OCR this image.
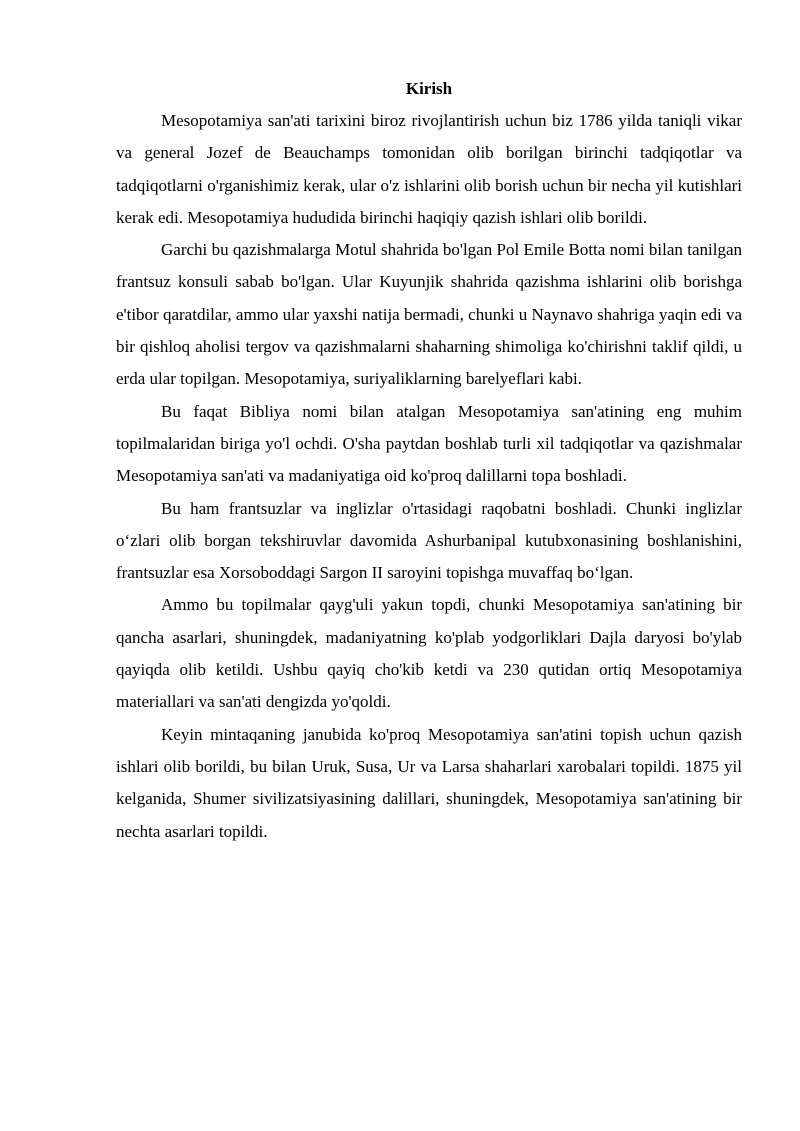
Kirish

Mesopotamiya san'ati tarixini biroz rivojlantirish uchun biz 1786 yilda taniqli vikar va general Jozef de Beauchamps tomonidan olib borilgan birinchi tadqiqotlar va tadqiqotlarni o'rganishimiz kerak, ular o'z ishlarini olib borish uchun bir necha yil kutishlari kerak edi. Mesopotamiya hududida birinchi haqiqiy qazish ishlari olib borildi.

Garchi bu qazishmalarga Motul shahrida bo'lgan Pol Emile Botta nomi bilan tanilgan frantsuz konsuli sabab bo'lgan. Ular Kuyunjik shahrida qazishma ishlarini olib borishga e'tibor qaratdilar, ammo ular yaxshi natija bermadi, chunki u Naynavo shahriga yaqin edi va bir qishloq aholisi tergov va qazishmalarni shaharning shimoliga ko'chirishni taklif qildi, u erda ular topilgan. Mesopotamiya, suriyaliklarning barelyeflari kabi.

Bu faqat Bibliya nomi bilan atalgan Mesopotamiya san'atining eng muhim topilmalaridan biriga yo'l ochdi. O'sha paytdan boshlab turli xil tadqiqotlar va qazishmalar Mesopotamiya san'ati va madaniyatiga oid ko'proq dalillarni topa boshladi.

Bu ham frantsuzlar va inglizlar o'rtasidagi raqobatni boshladi. Chunki inglizlar o‘zlari olib borgan tekshiruvlar davomida Ashurbanipal kutubxonasining boshlanishini, frantsuzlar esa Xorsoboddagi Sargon II saroyini topishga muvaffaq bo‘lgan.

Ammo bu topilmalar qayg'uli yakun topdi, chunki Mesopotamiya san'atining bir qancha asarlari, shuningdek, madaniyatning ko'plab yodgorliklari Dajla daryosi bo'ylab qayiqda olib ketildi. Ushbu qayiq cho'kib ketdi va 230 qutidan ortiq Mesopotamiya materiallari va san'ati dengizda yo'qoldi.

Keyin mintaqaning janubida ko'proq Mesopotamiya san'atini topish uchun qazish ishlari olib borildi, bu bilan Uruk, Susa, Ur va Larsa shaharlari xarobalari topildi. 1875 yil kelganida, Shumer sivilizatsiyasining dalillari, shuningdek, Mesopotamiya san'atining bir nechta asarlari topildi.
